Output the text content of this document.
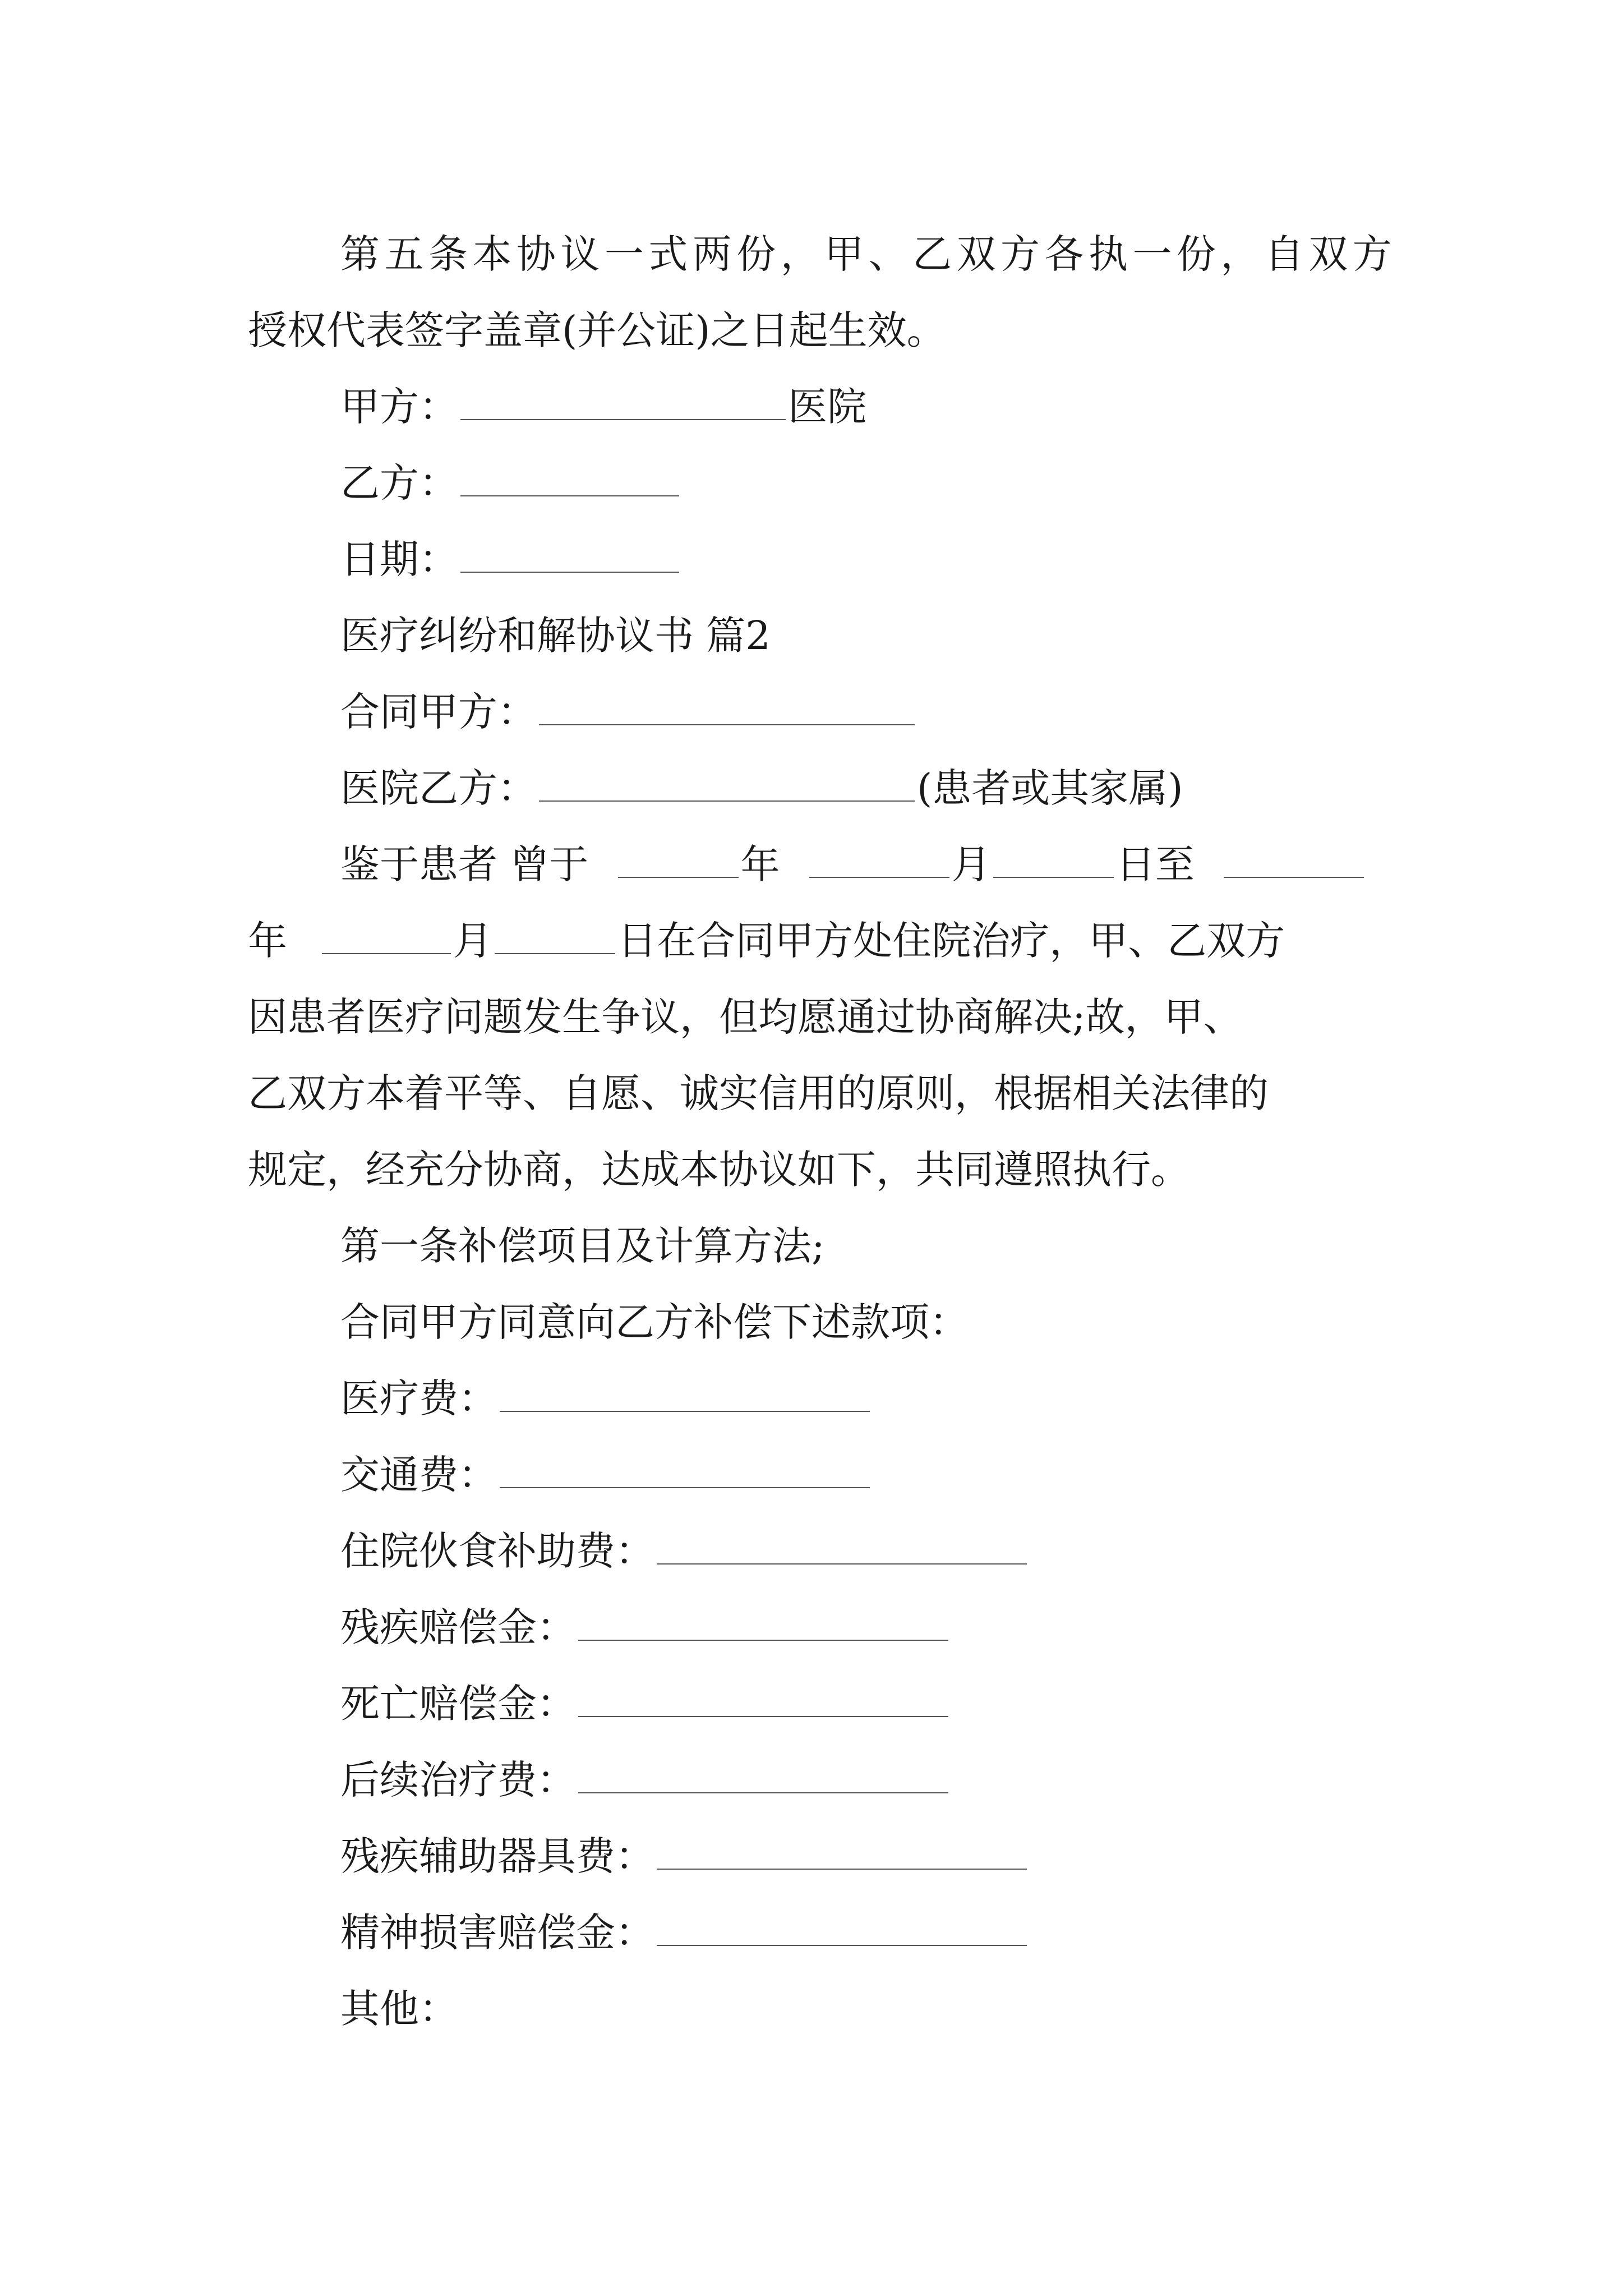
第 五 条 本 协 议 一 式 两 份 ， 甲 、 乙 双 方 各 执 一 份 ， 自 双 方
授权代表签字盖章(并公证)之日起生效。
甲方：	医院
乙方：
日期：
医疗纠纷和解协议书 篇2
合同甲方：
医院乙方：	(患者或其家属)
鉴于患者 曾于	年	月	日至
年	月	日在合同甲方处住院治疗，甲、乙双方
因患者医疗问题发生争议，但均愿通过协商解决;故，甲、
乙双方本着平等、自愿、诚实信用的原则，根据相关法律的
规定，经充分协商，达成本协议如下，共同遵照执行。
第一条补偿项目及计算方法;
合同甲方同意向乙方补偿下述款项：
医疗费：
交通费：
住院伙食补助费：
残疾赔偿金：
死亡赔偿金：
后续治疗费：
残疾辅助器具费：
精神损害赔偿金：
其他：
